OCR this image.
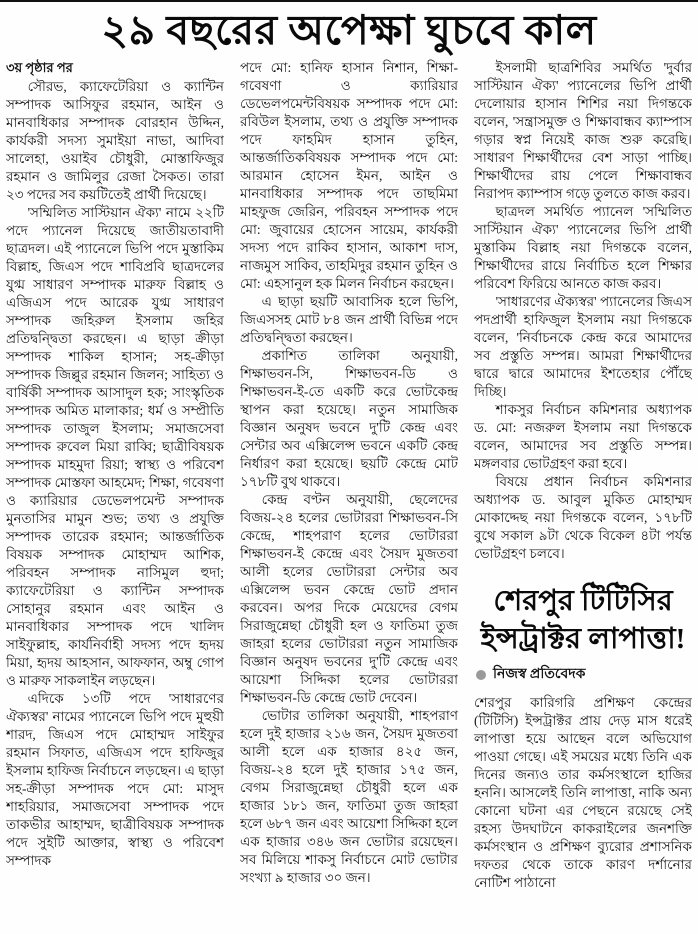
২৯ বছরের অপেক্ষা ঘুচবে কাল
৩য় পৃষ্ঠার পর

সৌরভ, ক্যাফেটেরিয়া ও ক্যান্টিন সম্পাদক আসিফুর রহমান, আইন ও মানবাধিকার সম্পাদক বোরহান উদ্দিন, কার্যকরী সদস্য সুমাইয়া নাভা, আদিবা সালেহা, ওয়াইব চৌধুরী, মোস্তাফিজুর রহমান ও জামিলুর রেজা সৈকত। তারা ২৩ পদের সব কয়টিতেই প্রার্থী দিয়েছে।

'সম্মিলিত সাস্টিয়ান ঐক্য' নামে ২২টি পদে প্যানেল দিয়েছে জাতীয়তাবাদী ছাত্রদল। এই প্যানেলে ভিপি পদে মুস্তাকিম বিল্লাহ, জিএস পদে শাবিপ্রবি ছাত্রদলের যুগ্ম সাধারণ সম্পাদক মারুফ বিল্লাহ ও এজিএস পদে আরেক যুগ্ম সাধারণ সম্পাদক জহিরুল ইসলাম জহির প্রতিদ্বন্দ্বিতা করছেন। এ ছাড়া ক্রীড়া সম্পাদক শাকিল হাসান; সহ-ক্রীড়া সম্পাদক জিল্লুর রহমান জিলন; সাহিত্য ও বার্ষিকী সম্পাদক আসাদুল হক; সাংস্কৃতিক সম্পাদক অমিত মালাকার; ধর্ম ও সম্প্রীতি সম্পাদক তাজুল ইসলাম; সমাজসেবা সম্পাদক রুবেল মিয়া রাব্বি; ছাত্রীবিষয়ক সম্পাদক মাহমুদা রিয়া; স্বাস্থ্য ও পরিবেশ সম্পাদক মোস্তফা আহমেদ; শিক্ষা, গবেষণা ও ক্যারিয়ার ডেভেলপমেন্ট সম্পাদক মুনতাসির মামুন শুভ; তথ্য ও প্রযুক্তি সম্পাদক তারেক রহমান; আন্তর্জাতিক বিষয়ক সম্পাদক মোহাম্মদ আশিক, পরিবহন সম্পাদক নাসিমুল হুদা; ক্যাফেটেরিয়া ও ক্যান্টিন সম্পাদক সোহানুর রহমান এবং আইন ও মানবাধিকার সম্পাদক পদে খালিদ সাইফুল্লাহ, কার্যনির্বাহী সদস্য পদে হৃদয় মিয়া, হৃদয় আহসান, আফফান, অম্বু গোপ ও মারুফ সাকলাইন লড়ছেন।

এদিকে ১৩টি পদে 'সাধারণের ঐক্যস্বর' নামের প্যানেলে ভিপি পদে মুহুয়ী শারদ, জিএস পদে মোহাম্মদ সাইফুর রহমান সিফাত, এজিএস পদে হাফিজুর ইসলাম হাফিজ নির্বাচনে লড়ছেন। এ ছাড়া সহ-ক্রীড়া সম্পাদক পদে মো: মাসুদ শাহরিয়ার, সমাজসেবা সম্পাদক পদে তাকভীর আহাম্মদ, ছাত্রীবিষয়ক সম্পাদক পদে সুইটি আক্তার, স্বাস্থ্য ও পরিবেশ সম্পাদক

পদে মো: হানিফ হাসান নিশান, শিক্ষা-গবেষণা ও ক্যারিয়ার ডেভেলপমেন্টবিষয়ক সম্পাদক পদে মো: রবিউল ইসলাম, তথ্য ও প্রযুক্তি সম্পাদক পদে ফাহমিদ হাসান তুহিন, আন্তর্জাতিকবিষয়ক সম্পাদক পদে মো: আরমান হোসেন ইমন, আইন ও মানবাধিকার সম্পাদক পদে তাছমিমা মাহফুজ জেরিন, পরিবহন সম্পাদক পদে মো: জুবায়ের হোসেন সায়েম, কার্যকরী সদস্য পদে রাকিব হাসান, আকাশ দাস, নাজমুস সাকিব, তাহমিদুর রহমান তুহিন ও মো: এহসানুল হক মিলন নির্বাচন করছেন।

এ ছাড়া ছয়টি আবাসিক হলে ভিপি, জিএসসহ মোট ৮৪ জন প্রার্থী বিভিন্ন পদে প্রতিদ্বন্দ্বিতা করছেন।

প্রকাশিত তালিকা অনুযায়ী, শিক্ষাভবন-সি, শিক্ষাভবন-ডি ও শিক্ষাভবন-ই-তে একটি করে ভোটকেন্দ্র স্থাপন করা হয়েছে। নতুন সামাজিক বিজ্ঞান অনুষদ ভবনে দু'টি কেন্দ্র এবং সেন্টার অব এক্সিলেন্স ভবনে একটি কেন্দ্র নির্ধারণ করা হয়েছে। ছয়টি কেন্দ্রে মোট ১৭৮টি বুথ থাকবে।

কেন্দ্র বণ্টন অনুযায়ী, ছেলেদের বিজয়-২৪ হলের ভোটাররা শিক্ষাভবন-সি কেন্দ্রে, শাহপরাণ হলের ভোটাররা শিক্ষাভবন-ই কেন্দ্রে এবং সৈয়দ মুজতবা আলী হলের ভোটাররা সেন্টার অব এক্সিলেন্স ভবন কেন্দ্রে ভোট প্রদান করবেন। অপর দিকে মেয়েদের বেগম সিরাজুন্নেছা চৌধুরী হল ও ফাতিমা তুজ জাহরা হলের ভোটাররা নতুন সামাজিক বিজ্ঞান অনুষদ ভবনের দু'টি কেন্দ্রে এবং আয়েশা সিদ্দিকা হলের ভোটাররা শিক্ষাভবন-ডি কেন্দ্রে ভোট দেবেন।

ভোটার তালিকা অনুযায়ী, শাহপরাণ হলে দুই হাজার ২১৬ জন, সৈয়দ মুজতবা আলী হলে এক হাজার ৪২৫ জন, বিজয়-২৪ হলে দুই হাজার ১৭৫ জন, বেগম সিরাজুন্নেছা চৌধুরী হলে এক হাজার ১৮১ জন, ফাতিমা তুজ জাহরা হলে ৬৮৭ জন এবং আয়েশা সিদ্দিকা হলে এক হাজার ৩৪৬ জন ভোটার রয়েছেন। সব মিলিয়ে শাকসু নির্বাচনে মোট ভোটার সংখ্যা ৯ হাজার ৩০ জন।

ইসলামী ছাত্রশিবির সমর্থিত 'দুর্বার সাস্টিয়ান ঐক্য' প্যানেলের ভিপি প্রার্থী দেলোয়ার হাসান শিশির নয়া দিগন্তকে বলেন, 'সন্ত্রাসমুক্ত ও শিক্ষাবান্ধব ক্যাম্পাস গড়ার স্বপ্ন নিয়েই কাজ শুরু করেছি। সাধারণ শিক্ষার্থীদের বেশ সাড়া পাচ্ছি। শিক্ষার্থীদের রায় পেলে শিক্ষাবান্ধব নিরাপদ ক্যাম্পাস গড়ে তুলতে কাজ করব।

ছাত্রদল সমর্থিত প্যানেল 'সম্মিলিত সাস্টিয়ান ঐক্য' প্যানেলের ভিপি প্রার্থী মুস্তাকিম বিল্লাহ নয়া দিগন্তকে বলেন, শিক্ষার্থীদের রায়ে নির্বাচিত হলে শিক্ষার পরিবেশ ফিরিয়ে আনতে কাজ করব।

'সাধারণের ঐক্যস্বর' প্যানেলের জিএস পদপ্রার্থী হাফিজুল ইসলাম নয়া দিগন্তকে বলেন, 'নির্বাচনকে কেন্দ্র করে আমাদের সব প্রস্তুতি সম্পন্ন। আমরা শিক্ষার্থীদের দ্বারে দ্বারে আমাদের ইশতেহার পৌঁছে দিচ্ছি।

শাকসুর নির্বাচন কমিশনার অধ্যাপক ড. মো: নজরুল ইসলাম নয়া দিগন্তকে বলেন, আমাদের সব প্রস্তুতি সম্পন্ন। মঙ্গলবার ভোটগ্রহণ করা হবে।

বিষয়ে প্রধান নির্বাচন কমিশনার অধ্যাপক ড. আবুল মুকিত মোহাম্মদ মোকাদ্দেছ নয়া দিগন্তকে বলেন, ১৭৮টি বুথে সকাল ৯টা থেকে বিকেল ৪টা পর্যন্ত ভোটগ্রহণ চলবে।

শেরপুর টিটিসির ইন্সট্রাক্টর লাপাত্তা!
নিজস্ব প্রতিবেদক

শেরপুর কারিগরি প্রশিক্ষণ কেন্দ্রের (টিটিসি) ইন্সট্রাক্টর প্রায় দেড় মাস ধরেই লাপাত্তা হয়ে আছেন বলে অভিযোগ পাওয়া গেছে। এই সময়ের মধ্যে তিনি এক দিনের জন্যও তার কর্মসংস্থালে হাজির হননি। আসলেই তিনি লাপাত্তা, নাকি অন্য কোনো ঘটনা এর পেছনে রয়েছে সেই রহস্য উদঘাটনে কাকরাইলের জনশক্তি কর্মসংস্থান ও প্রশিক্ষণ ব্যুরোর প্রশাসনিক দফতর থেকে তাকে কারণ দর্শানোর নোটিশ পাঠানো
